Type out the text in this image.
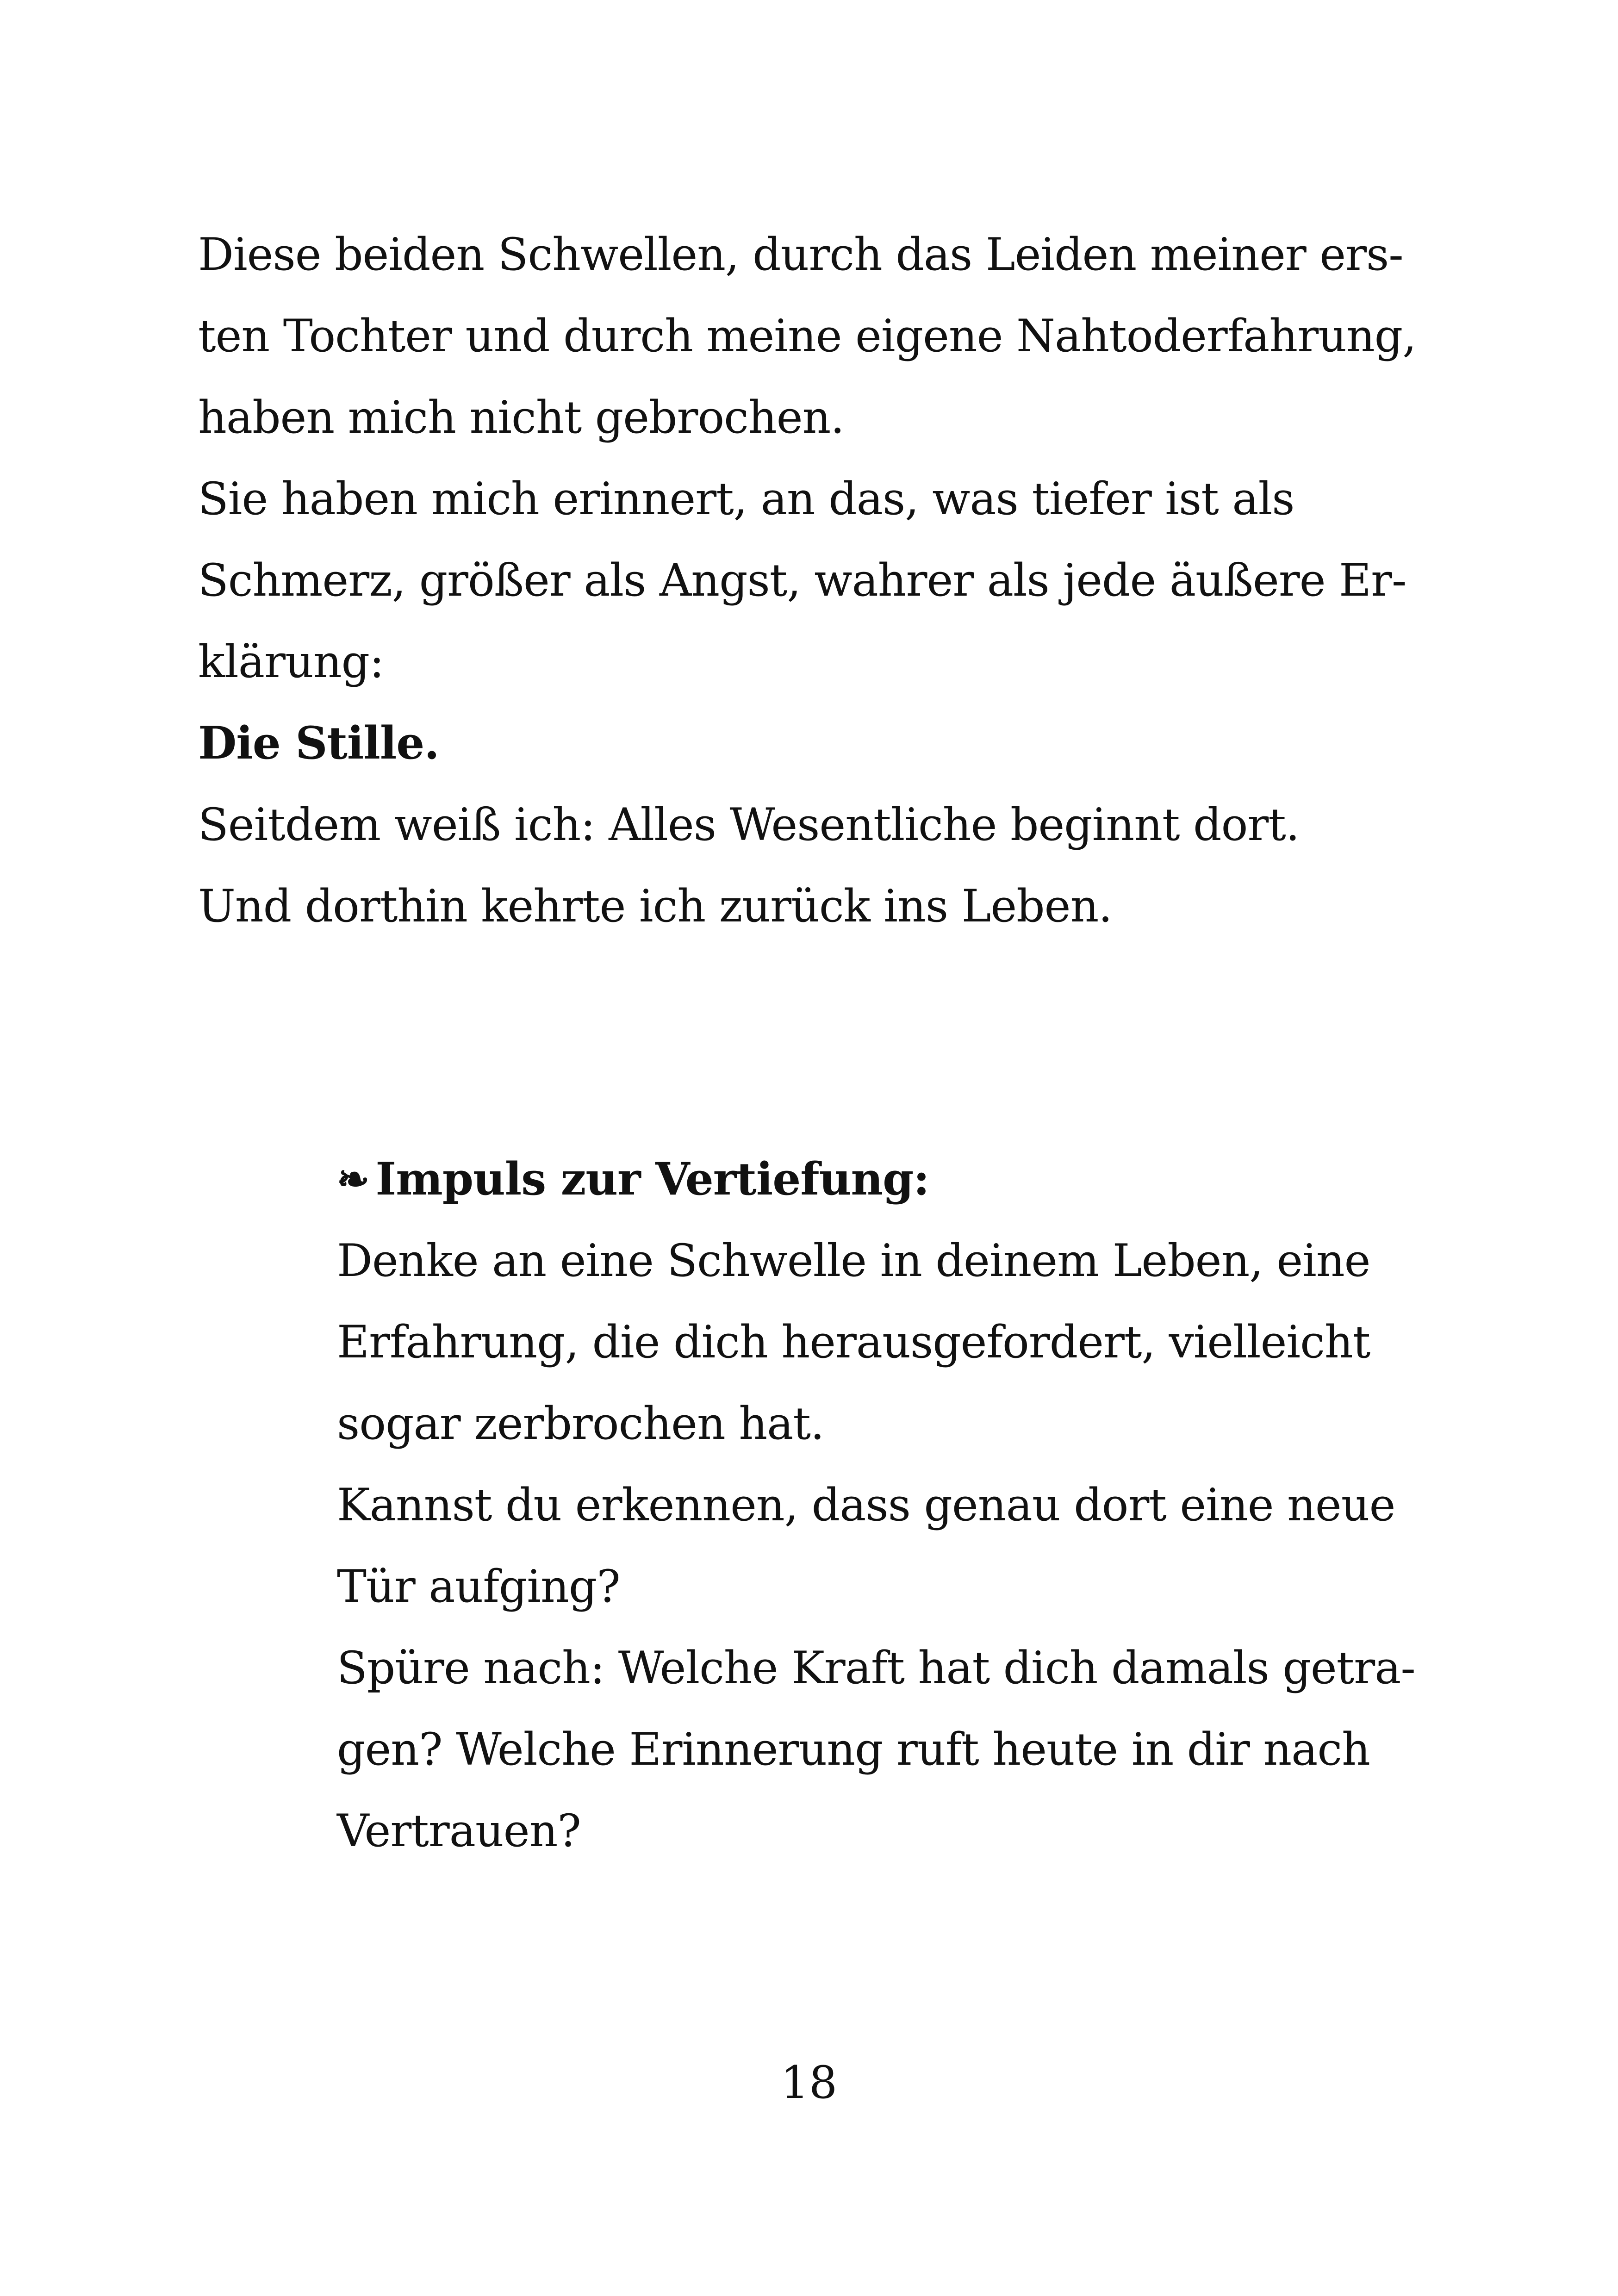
Diese beiden Schwellen, durch das Leiden meiner ers-

ten Tochter und durch meine eigene Nahtoderfahrung,

haben mich nicht gebrochen.

Sie haben mich erinnert, an das, was tiefer ist als

Schmerz, größer als Angst, wahrer als jede äußere Er-

klärung:

Die Stille.

Seitdem weiß ich: Alles Wesentliche beginnt dort.

Und dorthin kehrte ich zurück ins Leben.

❧ Impuls zur Vertiefung:

Denke an eine Schwelle in deinem Leben, eine

Erfahrung, die dich herausgefordert, vielleicht

sogar zerbrochen hat.

Kannst du erkennen, dass genau dort eine neue

Tür aufging?

Spüre nach: Welche Kraft hat dich damals getra-

gen? Welche Erinnerung ruft heute in dir nach

Vertrauen?

18
